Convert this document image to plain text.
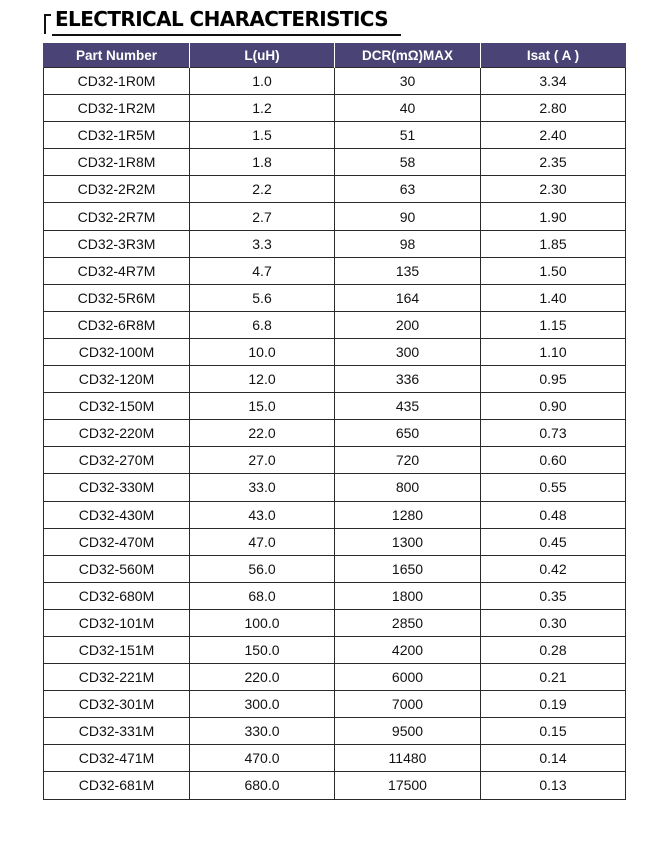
ELECTRICAL CHARACTERISTICS
Part Number	L(uH)	DCR(mΩ)MAX	Isat ( A )
CD32-1R0M	1.0	30	3.34
CD32-1R2M	1.2	40	2.80
CD32-1R5M	1.5	51	2.40
CD32-1R8M	1.8	58	2.35
CD32-2R2M	2.2	63	2.30
CD32-2R7M	2.7	90	1.90
CD32-3R3M	3.3	98	1.85
CD32-4R7M	4.7	135	1.50
CD32-5R6M	5.6	164	1.40
CD32-6R8M	6.8	200	1.15
CD32-100M	10.0	300	1.10
CD32-120M	12.0	336	0.95
CD32-150M	15.0	435	0.90
CD32-220M	22.0	650	0.73
CD32-270M	27.0	720	0.60
CD32-330M	33.0	800	0.55
CD32-430M	43.0	1280	0.48
CD32-470M	47.0	1300	0.45
CD32-560M	56.0	1650	0.42
CD32-680M	68.0	1800	0.35
CD32-101M	100.0	2850	0.30
CD32-151M	150.0	4200	0.28
CD32-221M	220.0	6000	0.21
CD32-301M	300.0	7000	0.19
CD32-331M	330.0	9500	0.15
CD32-471M	470.0	11480	0.14
CD32-681M	680.0	17500	0.13
